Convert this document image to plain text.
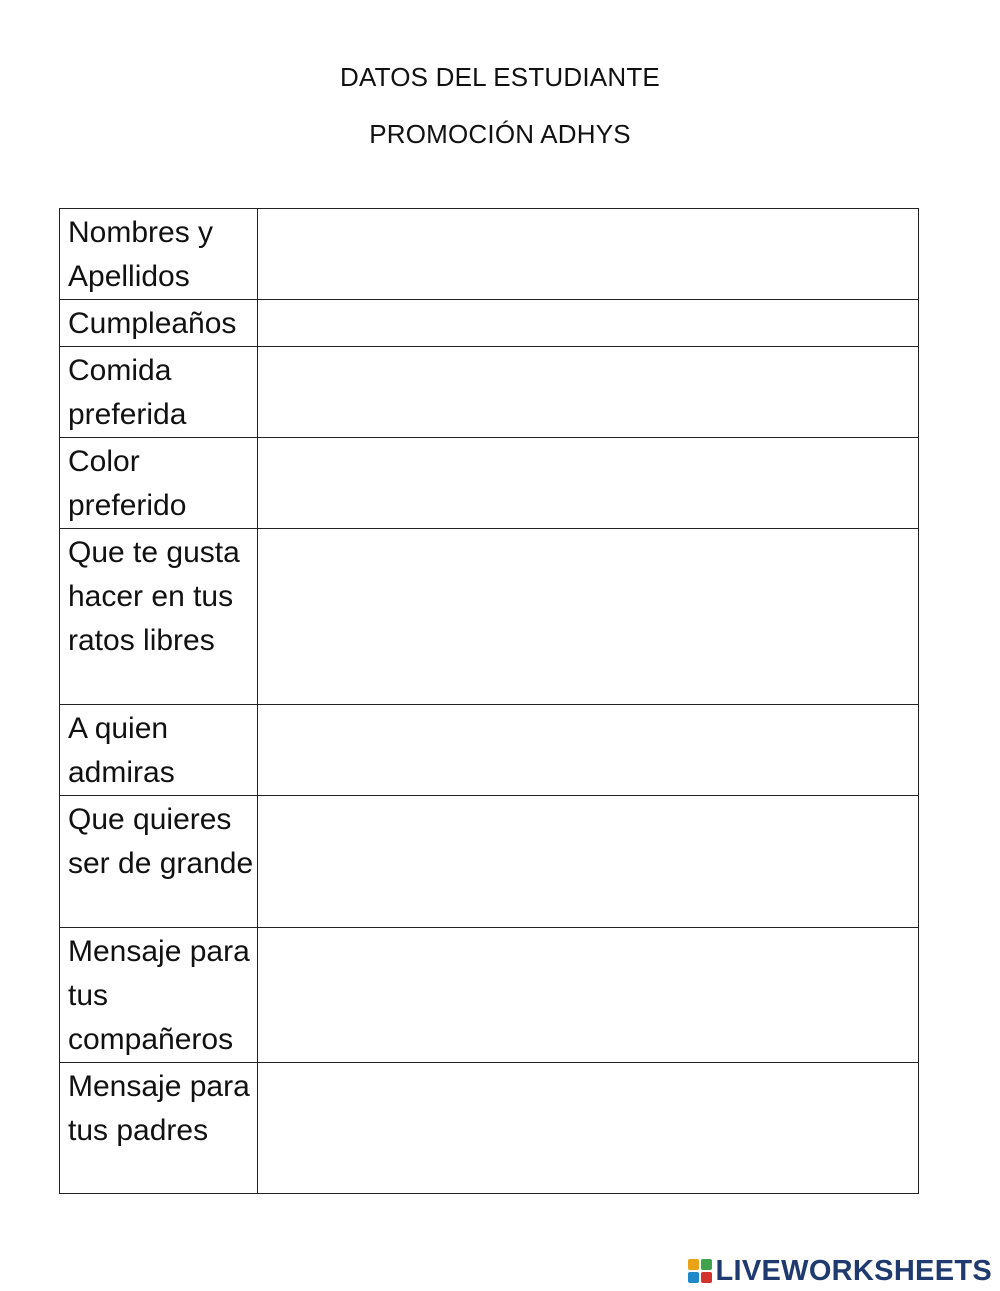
DATOS DEL ESTUDIANTE
PROMOCIÓN ADHYS
Nombres y Apellidos	
Cumpleaños	
Comida preferida	
Color preferido	
Que te gusta hacer en tus ratos libres	
A quien admiras	
Que quieres ser de grande	
Mensaje para tus compañeros	
Mensaje para tus padres	
LIVEWORKSHEETS
